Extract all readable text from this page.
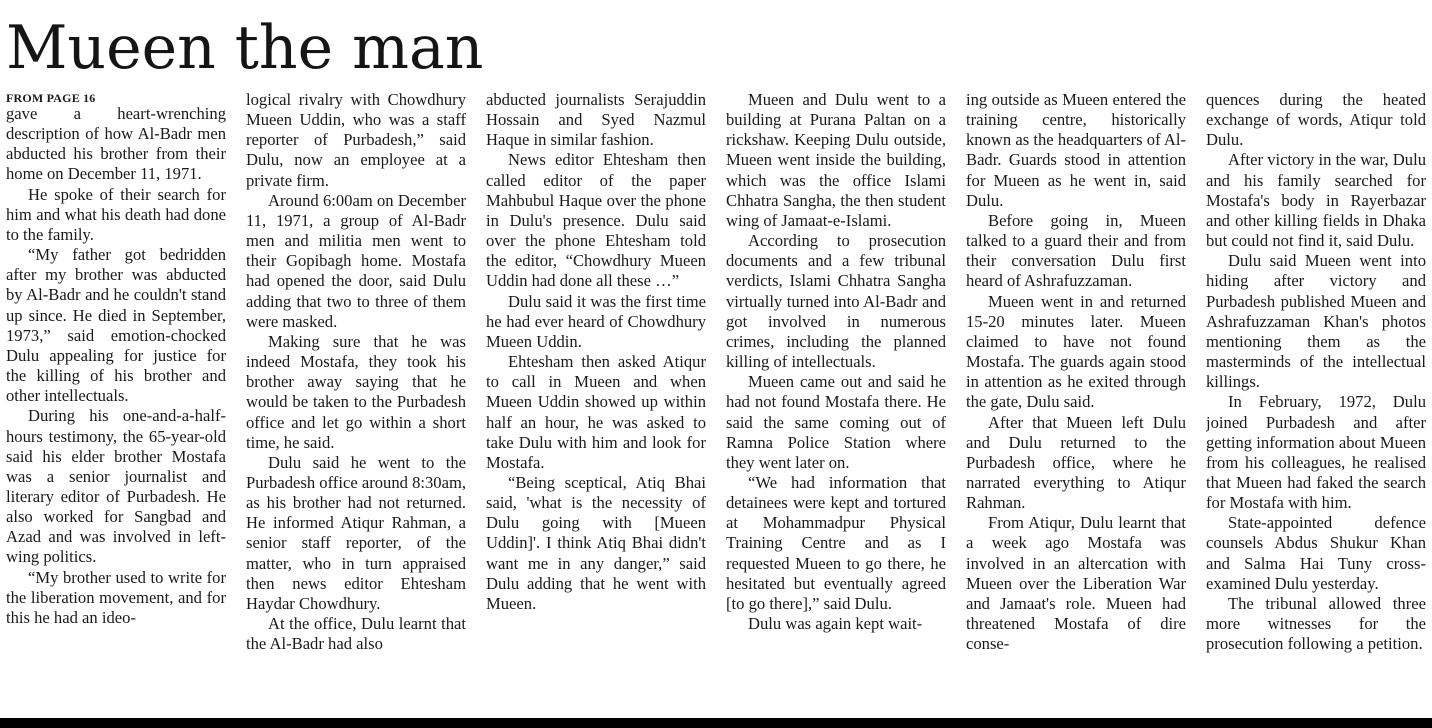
Mueen the man
FROM PAGE 16

gave a heart-wrenching description of how Al-Badr men abducted his brother from their home on December 11, 1971.

He spoke of their search for him and what his death had done to the family.

“My father got bedridden after my brother was abducted by Al-Badr and he couldn't stand up since. He died in September, 1973,” said emotion-chocked Dulu appealing for justice for the killing of his brother and other intellectuals.

During his one-and-a-half-hours testimony, the 65-year-old said his elder brother Mostafa was a senior journalist and literary editor of Purbadesh. He also worked for Sangbad and Azad and was involved in left-wing politics.

“My brother used to write for the liberation movement, and for this he had an ideo-

logical rivalry with Chowdhury Mueen Uddin, who was a staff reporter of Purbadesh,” said Dulu, now an employee at a private firm.

Around 6:00am on December 11, 1971, a group of Al-Badr men and militia men went to their Gopibagh home. Mostafa had opened the door, said Dulu adding that two to three of them were masked.

Making sure that he was indeed Mostafa, they took his brother away saying that he would be taken to the Purbadesh office and let go within a short time, he said.

Dulu said he went to the Purbadesh office around 8:30am, as his brother had not returned. He informed Atiqur Rahman, a senior staff reporter, of the matter, who in turn appraised then news editor Ehtesham Haydar Chowdhury.

At the office, Dulu learnt that the Al-Badr had also

abducted journalists Serajuddin Hossain and Syed Nazmul Haque in similar fashion.

News editor Ehtesham then called editor of the paper Mahbubul Haque over the phone in Dulu's presence. Dulu said over the phone Ehtesham told the editor, “Chowdhury Mueen Uddin had done all these …”

Dulu said it was the first time he had ever heard of Chowdhury Mueen Uddin.

Ehtesham then asked Atiqur to call in Mueen and when Mueen Uddin showed up within half an hour, he was asked to take Dulu with him and look for Mostafa.

“Being sceptical, Atiq Bhai said, 'what is the necessity of Dulu going with [Mueen Uddin]'. I think Atiq Bhai didn't want me in any danger,” said Dulu adding that he went with Mueen.

Mueen and Dulu went to a building at Purana Paltan on a rickshaw. Keeping Dulu outside, Mueen went inside the building, which was the office Islami Chhatra Sangha, the then student wing of Jamaat-e-Islami.

According to prosecution documents and a few tribunal verdicts, Islami Chhatra Sangha virtually turned into Al-Badr and got involved in numerous crimes, including the planned killing of intellectuals.

Mueen came out and said he had not found Mostafa there. He said the same coming out of Ramna Police Station where they went later on.

“We had information that detainees were kept and tortured at Mohammadpur Physical Training Centre and as I requested Mueen to go there, he hesitated but eventually agreed [to go there],” said Dulu.

Dulu was again kept wait-

ing outside as Mueen entered the training centre, historically known as the headquarters of Al-Badr. Guards stood in attention for Mueen as he went in, said Dulu.

Before going in, Mueen talked to a guard their and from their conversation Dulu first heard of Ashrafuzzaman.

Mueen went in and returned 15-20 minutes later. Mueen claimed to have not found Mostafa. The guards again stood in attention as he exited through the gate, Dulu said.

After that Mueen left Dulu and Dulu returned to the Purbadesh office, where he narrated everything to Atiqur Rahman.

From Atiqur, Dulu learnt that a week ago Mostafa was involved in an altercation with Mueen over the Liberation War and Jamaat's role. Mueen had threatened Mostafa of dire conse-

quences during the heated exchange of words, Atiqur told Dulu.

After victory in the war, Dulu and his family searched for Mostafa's body in Rayerbazar and other killing fields in Dhaka but could not find it, said Dulu.

Dulu said Mueen went into hiding after victory and Purbadesh published Mueen and Ashrafuzzaman Khan's photos mentioning them as the masterminds of the intellectual killings.

In February, 1972, Dulu joined Purbadesh and after getting information about Mueen from his colleagues, he realised that Mueen had faked the search for Mostafa with him.

State-appointed defence counsels Abdus Shukur Khan and Salma Hai Tuny cross-examined Dulu yesterday.

The tribunal allowed three more witnesses for the prosecution following a petition.
